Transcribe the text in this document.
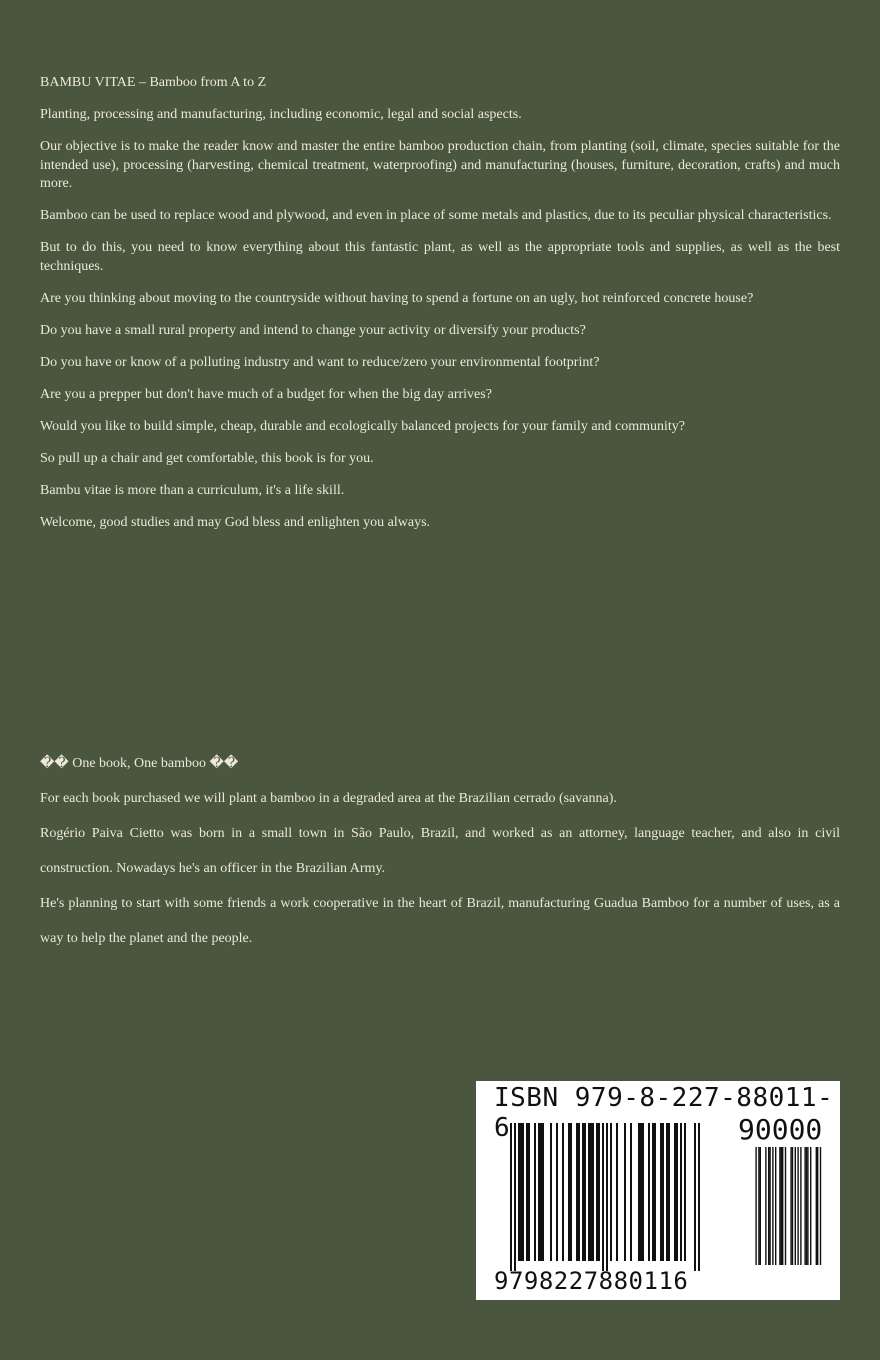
BAMBU VITAE – Bamboo from A to Z

Planting, processing and manufacturing, including economic, legal and social aspects.

Our objective is to make the reader know and master the entire bamboo production chain, from planting (soil, climate, species suitable for the intended use), processing (harvesting, chemical treatment, waterproofing) and manufacturing (houses, furniture, decoration, crafts) and much more.

Bamboo can be used to replace wood and plywood, and even in place of some metals and plastics, due to its peculiar physical characteristics.

But to do this, you need to know everything about this fantastic plant, as well as the appropriate tools and supplies, as well as the best techniques.

Are you thinking about moving to the countryside without having to spend a fortune on an ugly, hot reinforced concrete house?

Do you have a small rural property and intend to change your activity or diversify your products?

Do you have or know of a polluting industry and want to reduce/zero your environmental footprint?

Are you a prepper but don't have much of a budget for when the big day arrives?

Would you like to build simple, cheap, durable and ecologically balanced projects for your family and community?

So pull up a chair and get comfortable, this book is for you.

Bambu vitae is more than a curriculum, it's a life skill.

Welcome, good studies and may God bless and enlighten you always.

�� One book, One bamboo ��

For each book purchased we will plant a bamboo in a degraded area at the Brazilian cerrado (savanna).

Rogério Paiva Cietto was born in a small town in São Paulo, Brazil, and worked as an attorney, language teacher, and also in civil construction. Nowadays he's an officer in the Brazilian Army.

He's planning to start with some friends a work cooperative in the heart of Brazil, manufacturing Guadua Bamboo for a number of uses, as a way to help the planet and the people.

ISBN 979-8-227-88011-6	90000
9798227880116
